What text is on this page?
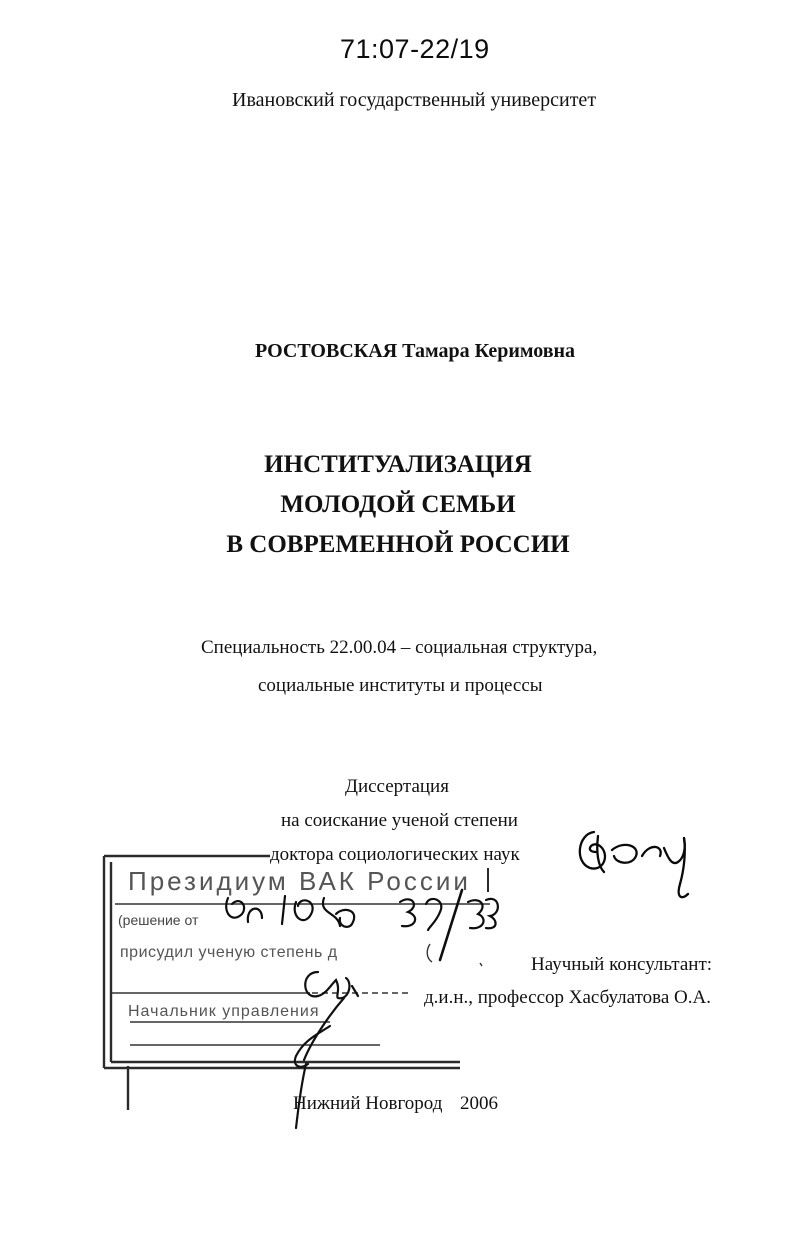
71:07-22/19
Ивановский государственный университет
РОСТОВСКАЯ Тамара Керимовна
ИНСТИТУАЛИЗАЦИЯ
МОЛОДОЙ СЕМЬИ
В СОВРЕМЕННОЙ РОССИИ
Специальность 22.00.04 – социальная структура,
социальные институты и процессы
Диссертация
на соискание ученой степени
доктора социологических наук
Президиум ВАК России
(решение от
присудил ученую степень д
Начальник управления
Научный консультант:
д.и.н., профессор Хасбулатова О.А.
Нижний Новгород 2006
